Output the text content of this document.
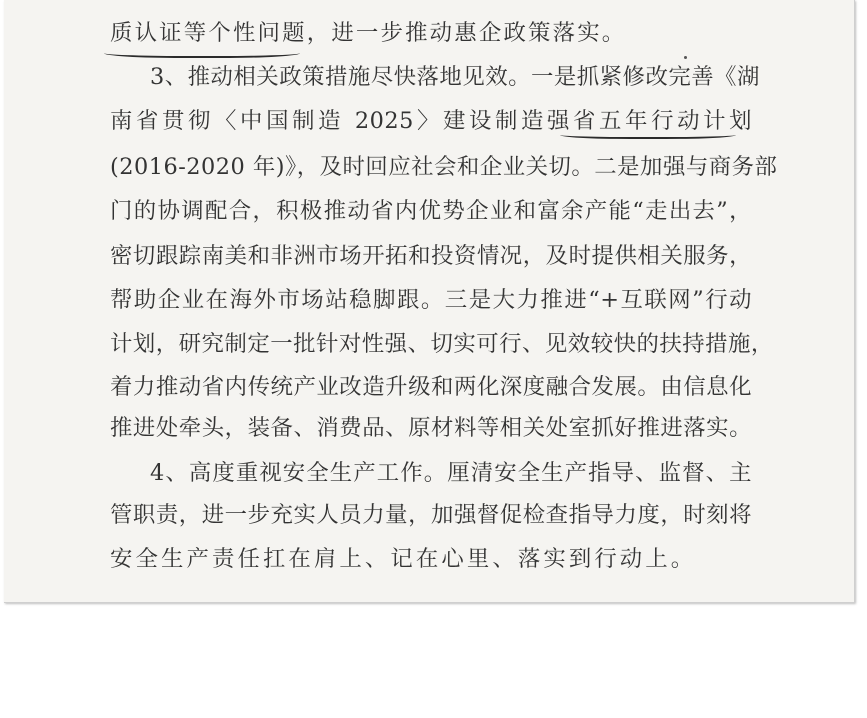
质认证等个性问题，进一步推动惠企政策落实。
3、推动相关政策措施尽快落地见效。一是抓紧修改完善《湖
南省贯彻〈中国制造 2025〉建设制造强省五年行动计划
(2016-2020 年)》，及时回应社会和企业关切。二是加强与商务部
门的协调配合，积极推动省内优势企业和富余产能“走出去”，
密切跟踪南美和非洲市场开拓和投资情况，及时提供相关服务，
帮助企业在海外市场站稳脚跟。三是大力推进“+互联网”行动
计划，研究制定一批针对性强、切实可行、见效较快的扶持措施，
着力推动省内传统产业改造升级和两化深度融合发展。由信息化
推进处牵头，装备、消费品、原材料等相关处室抓好推进落实。
4、高度重视安全生产工作。厘清安全生产指导、监督、主
管职责，进一步充实人员力量，加强督促检查指导力度，时刻将
安全生产责任扛在肩上、记在心里、落实到行动上。
